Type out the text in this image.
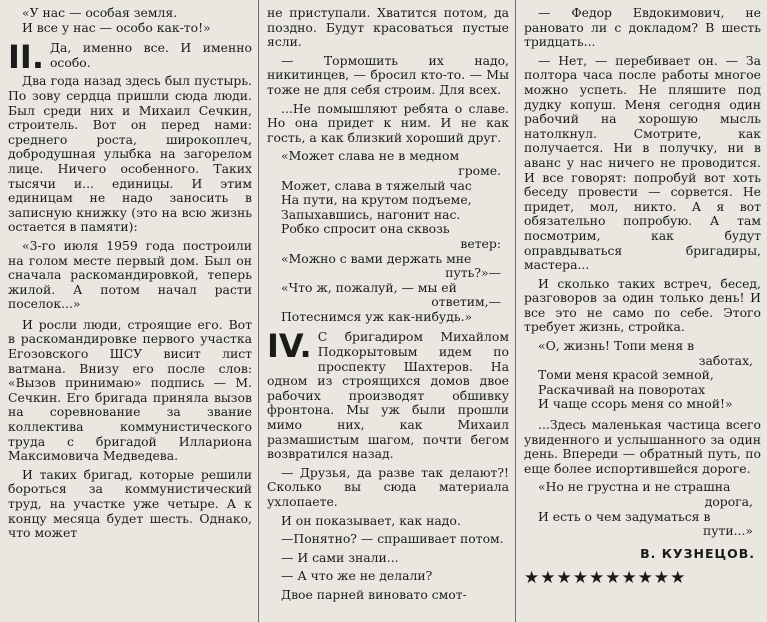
«У нас — особая земля.
И все у нас — особо как-то!»

II. Да, именно все. И именно особо.

Два года назад здесь был пустырь. По зову сердца пришли сюда люди. Был среди них и Михаил Сечкин, строитель. Вот он перед нами: среднего роста, широкоплеч, добродушная улыбка на загорелом лице. Ничего особенного. Таких тысячи и... единицы. И этим единицам не надо заносить в записную книжку (это на всю жизнь остается в памяти):

«3-го июля 1959 года построили на голом месте первый дом. Был он сначала раскомандировкой, теперь жилой. А потом начал расти поселок...»

И росли люди, строящие его. Вот в раскомандировке первого участка Егозовского ШСУ висит лист ватмана. Внизу его после слов: «Вызов принимаю» подпись — М. Сечкин. Его бригада приняла вызов на соревнование за звание коллектива коммунистического труда с бригадой Иллариона Максимовича Медведева.

И таких бригад, которые решили бороться за коммунистический труд, на участке уже четыре. А к концу месяца будет шесть. Однако, что может

не приступали. Хватится потом, да поздно. Будут красоваться пустые ясли.

— Тормошить их надо, никитинцев, — бросил кто-то. — Мы тоже не для себя строим. Для всех.

...Не помышляют ребята о славе. Но она придет к ним. И не как гость, а как близкий хороший друг.

«Может слава не в медном
громе.
Может, слава в тяжелый час
На пути, на крутом подъеме,
Запыхавшись, нагонит нас.
Робко спросит она сквозь
ветер:
«Можно с вами держать мне
путь?»—
«Что ж, пожалуй, — мы ей
ответим,—
Потеснимся уж как-нибудь.»

IV. С бригадиром Михайлом Подкорытовым идем по проспекту Шахтеров. На одном из строящихся домов двое рабочих производят обшивку фронтона. Мы уж были прошли мимо них, как Михаил размашистым шагом, почти бегом возвратился назад.

— Друзья, да разве так делают?! Сколько вы сюда материала ухлопаете.

И он показывает, как надо.

—Понятно? — спрашивает потом.

— И сами знали...

— А что же не делали?

Двое парней виновато смот-

— Федор Евдокимович, не рановато ли с докладом? В шесть тридцать...

— Нет, — перебивает он. — За полтора часа после работы многое можно успеть. Не пляшите под дудку копуш. Меня сегодня один рабочий на хорошую мысль натолкнул. Смотрите, как получается. Ни в получку, ни в аванс у нас ничего не проводится. И все говорят: попробуй вот хоть беседу провести — сорвется. Не придет, мол, никто. А я вот обязательно попробую. А там посмотрим, как будут оправдываться бригадиры, мастера...

И сколько таких встреч, бесед, разговоров за один только день! И все это не само по себе. Этого требует жизнь, стройка.

«О, жизнь! Топи меня в
заботах,
Томи меня красой земной,
Раскачивай на поворотах
И чаще ссорь меня со мной!»

...Здесь маленькая частица всего увиденного и услышанного за один день. Впереди — обратный путь, по еще более испортившейся дороге.

«Но не грустна и не страшна
дорога,
И есть о чем задуматься в
пути...»
В. КУЗНЕЦОВ.
★★★★★★★★★★
